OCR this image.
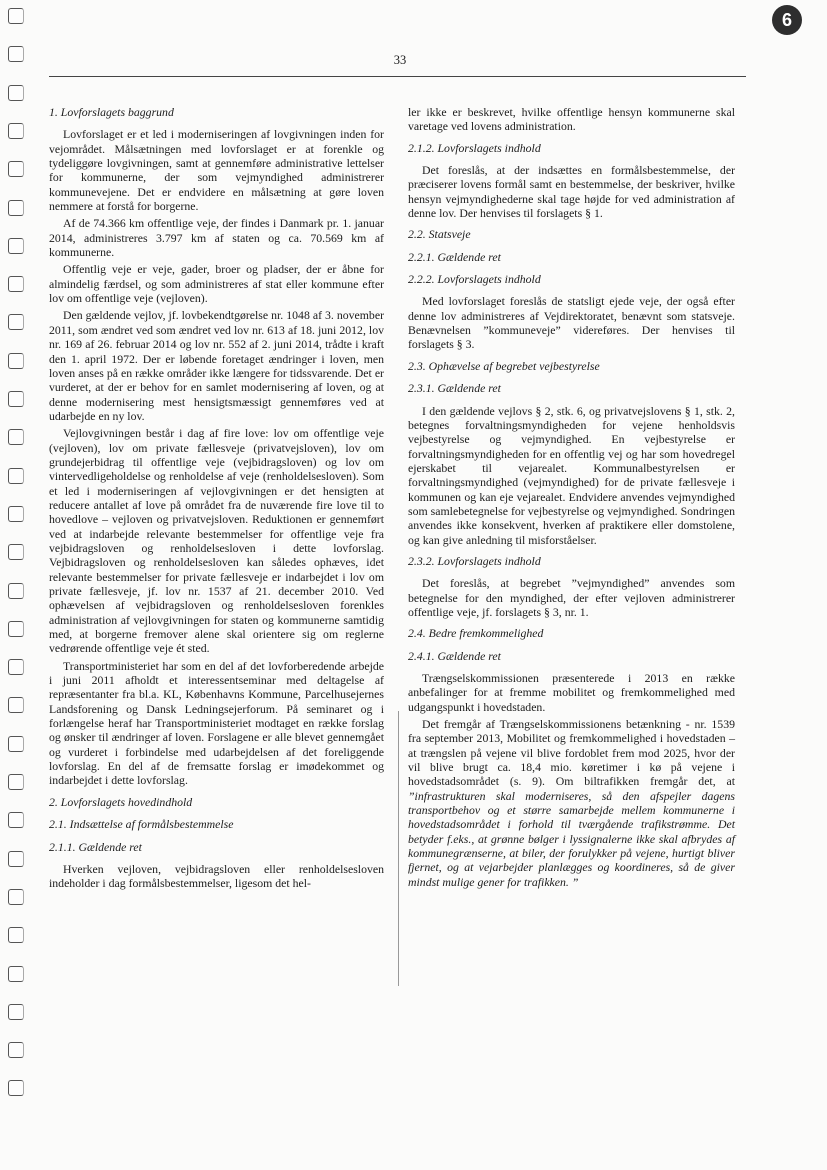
6
33
1. Lovforslagets baggrund

Lovforslaget er et led i moderniseringen af lovgivningen inden for vejområdet. Målsætningen med lovforslaget er at forenkle og tydeliggøre lovgivningen, samt at gennemføre administrative lettelser for kommunerne, der som vejmyndighed administrerer kommunevejene. Det er endvidere en målsætning at gøre loven nemmere at forstå for borgerne.

Af de 74.366 km offentlige veje, der findes i Danmark pr. 1. januar 2014, administreres 3.797 km af staten og ca. 70.569 km af kommunerne.

Offentlig veje er veje, gader, broer og pladser, der er åbne for almindelig færdsel, og som administreres af stat eller kommune efter lov om offentlige veje (vejloven).

Den gældende vejlov, jf. lovbekendtgørelse nr. 1048 af 3. november 2011, som ændret ved som ændret ved lov nr. 613 af 18. juni 2012, lov nr. 169 af 26. februar 2014 og lov nr. 552 af 2. juni 2014, trådte i kraft den 1. april 1972. Der er løbende foretaget ændringer i loven, men loven anses på en række områder ikke længere for tidssvarende. Det er vurderet, at der er behov for en samlet modernisering af loven, og at denne modernisering mest hensigtsmæssigt gennemføres ved at udarbejde en ny lov.

Vejlovgivningen består i dag af fire love: lov om offentlige veje (vejloven), lov om private fællesveje (privatvejsloven), lov om grundejerbidrag til offentlige veje (vejbidragsloven) og lov om vintervedligeholdelse og renholdelse af veje (renholdelsesloven). Som et led i moderniseringen af vejlovgivningen er det hensigten at reducere antallet af love på området fra de nuværende fire love til to hovedlove – vejloven og privatvejsloven. Reduktionen er gennemført ved at indarbejde relevante bestemmelser for offentlige veje fra vejbidragsloven og renholdelsesloven i dette lovforslag. Vejbidragsloven og renholdelsesloven kan således ophæves, idet relevante bestemmelser for private fællesveje er indarbejdet i lov om private fællesveje, jf. lov nr. 1537 af 21. december 2010. Ved ophævelsen af vejbidragsloven og renholdelsesloven forenkles administration af vejlovgivningen for staten og kommunerne samtidig med, at borgerne fremover alene skal orientere sig om reglerne vedrørende offentlige veje ét sted.

Transportministeriet har som en del af det lovforberedende arbejde i juni 2011 afholdt et interessentseminar med deltagelse af repræsentanter fra bl.a. KL, Københavns Kommune, Parcelhusejernes Landsforening og Dansk Ledningsejerforum. På seminaret og i forlængelse heraf har Transportministeriet modtaget en række forslag og ønsker til ændringer af loven. Forslagene er alle blevet gennemgået og vurderet i forbindelse med udarbejdelsen af det foreliggende lovforslag. En del af de fremsatte forslag er imødekommet og indarbejdet i dette lovforslag.

2. Lovforslagets hovedindhold
2.1. Indsættelse af formålsbestemmelse
2.1.1. Gældende ret

Hverken vejloven, vejbidragsloven eller renholdelsesloven indeholder i dag formålsbestemmelser, ligesom det hel-

ler ikke er beskrevet, hvilke offentlige hensyn kommunerne skal varetage ved lovens administration.

2.1.2. Lovforslagets indhold

Det foreslås, at der indsættes en formålsbestemmelse, der præciserer lovens formål samt en bestemmelse, der beskriver, hvilke hensyn vejmyndighederne skal tage højde for ved administration af denne lov. Der henvises til forslagets § 1.

2.2. Statsveje
2.2.1. Gældende ret
2.2.2. Lovforslagets indhold

Med lovforslaget foreslås de statsligt ejede veje, der også efter denne lov administreres af Vejdirektoratet, benævnt som statsveje. Benævnelsen ”kommuneveje” videreføres. Der henvises til forslagets § 3.

2.3. Ophævelse af begrebet vejbestyrelse
2.3.1. Gældende ret

I den gældende vejlovs § 2, stk. 6, og privatvejslovens § 1, stk. 2, betegnes forvaltningsmyndigheden for vejene henholdsvis vejbestyrelse og vejmyndighed. En vejbestyrelse er forvaltningsmyndigheden for en offentlig vej og har som hovedregel ejerskabet til vejarealet. Kommunalbestyrelsen er forvaltningsmyndighed (vejmyndighed) for de private fællesveje i kommunen og kan eje vejarealet. Endvidere anvendes vejmyndighed som samlebetegnelse for vejbestyrelse og vejmyndighed. Sondringen anvendes ikke konsekvent, hverken af praktikere eller domstolene, og kan give anledning til misforståelser.

2.3.2. Lovforslagets indhold

Det foreslås, at begrebet ”vejmyndighed” anvendes som betegnelse for den myndighed, der efter vejloven administrerer offentlige veje, jf. forslagets § 3, nr. 1.

2.4. Bedre fremkommelighed
2.4.1. Gældende ret

Trængselskommissionen præsenterede i 2013 en række anbefalinger for at fremme mobilitet og fremkommelighed med udgangspunkt i hovedstaden.

Det fremgår af Trængselskommissionens betænkning - nr. 1539 fra september 2013, Mobilitet og fremkommelighed i hovedstaden – at trængslen på vejene vil blive fordoblet frem mod 2025, hvor der vil blive brugt ca. 18,4 mio. køretimer i kø på vejene i hovedstadsområdet (s. 9). Om biltrafikken fremgår det, at ”infrastrukturen skal moderniseres, så den afspejler dagens transportbehov og et større samarbejde mellem kommunerne i hovedstadsområdet i forhold til tværgående trafikstrømme. Det betyder f.eks., at grønne bølger i lyssignalerne ikke skal afbrydes af kommunegrænserne, at biler, der forulykker på vejene, hurtigt bliver fjernet, og at vejarbejder planlægges og koordineres, så de giver mindst mulige gener for trafikken. ”
